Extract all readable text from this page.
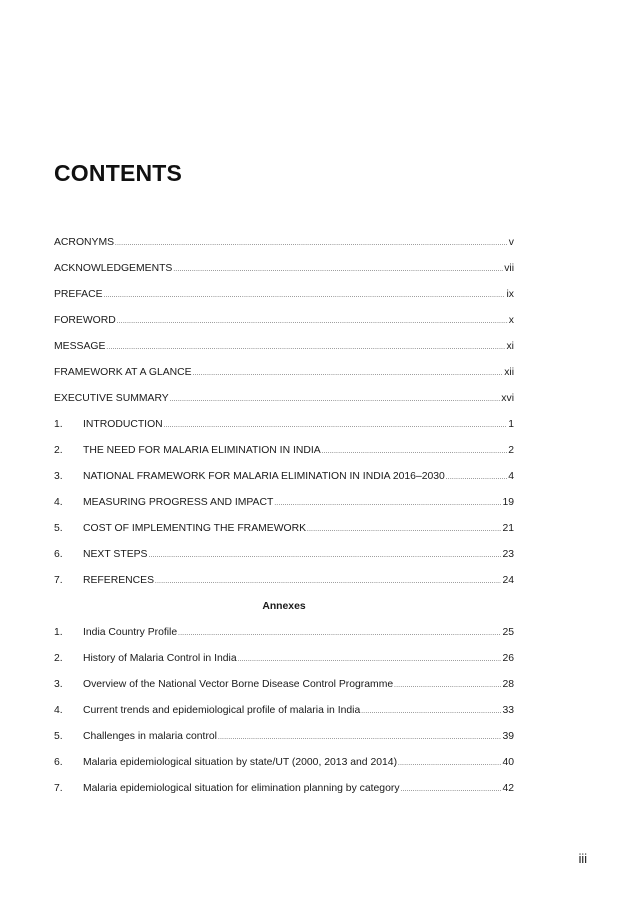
CONTENTS
ACRONYMS .....	v
ACKNOWLEDGEMENTS .....	vii
PREFACE .....	ix
FOREWORD .....	x
MESSAGE .....	xi
FRAMEWORK AT A GLANCE .....	xii
EXECUTIVE SUMMARY .....	xvi
1.	INTRODUCTION .....	1
2.	THE NEED FOR MALARIA ELIMINATION IN INDIA .....	2
3.	NATIONAL FRAMEWORK FOR MALARIA ELIMINATION IN INDIA 2016–2030 .....	4
4.	MEASURING PROGRESS AND IMPACT .....	19
5.	COST OF IMPLEMENTING THE FRAMEWORK .....	21
6.	NEXT STEPS .....	23
7.	REFERENCES .....	24
Annexes
1.	India Country Profile .....	25
2.	History of Malaria Control in India .....	26
3.	Overview of the National Vector Borne Disease Control Programme .....	28
4.	Current trends and epidemiological profile of malaria in India .....	33
5.	Challenges in malaria control .....	39
6.	Malaria epidemiological situation by state/UT (2000, 2013 and 2014) .....	40
7.	Malaria epidemiological situation for elimination planning by category .....	42
iii
